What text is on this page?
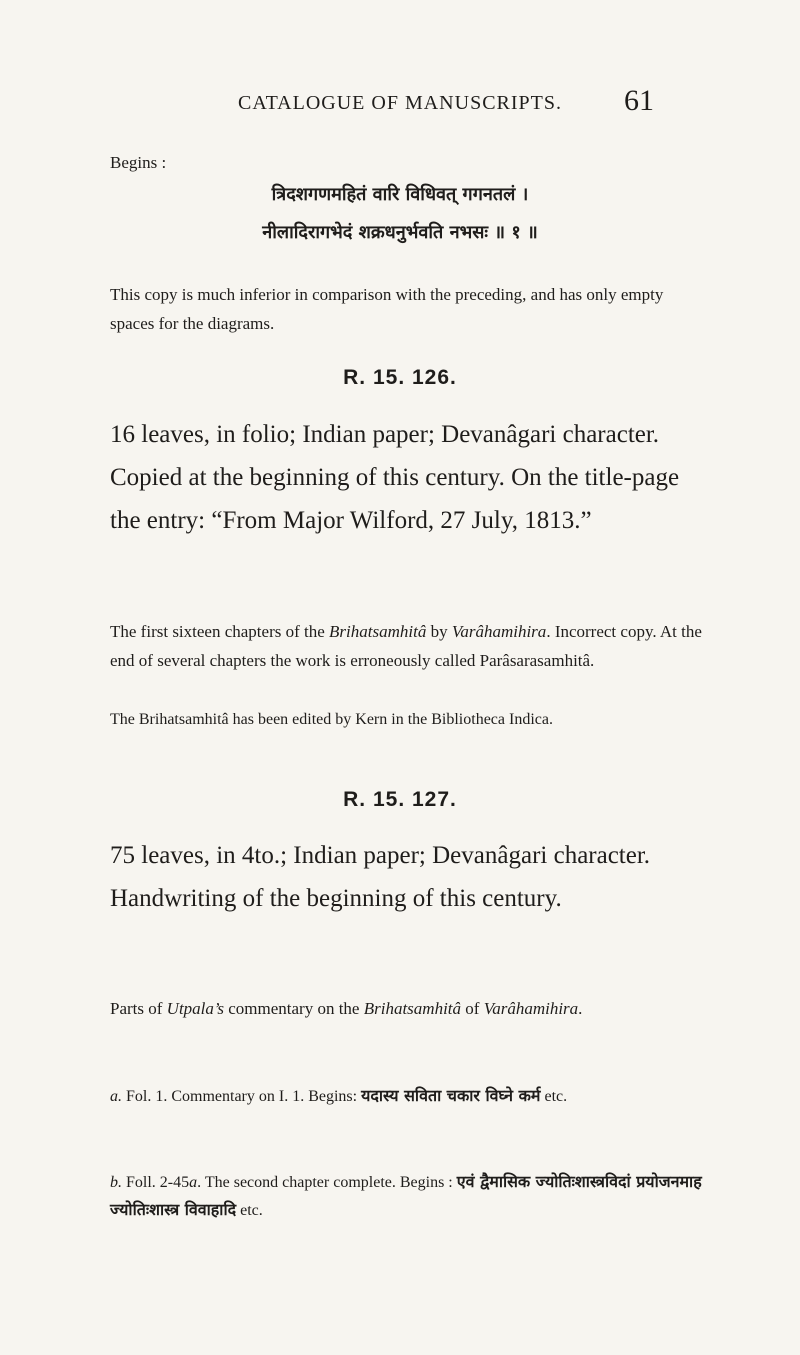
CATALOGUE OF MANUSCRIPTS.	61

Begins :

त्रिदशगणमहितं वारि विधिवत् गगनतलं ।
नीलादिरागभेदं शक्रधनुर्भवति नभसः ॥ १ ॥

This copy is much inferior in comparison with the preceding, and has only empty spaces for the diagrams.

R. 15. 126.

16 leaves, in folio; Indian paper; Devanâgari character. Copied at the beginning of this century. On the title-page the entry: “From Major Wilford, 27 July, 1813.”

The first sixteen chapters of the Brihatsamhitâ by Varâhamihira. Incorrect copy. At the end of several chapters the work is erroneously called Parâsarasamhitâ.

The Brihatsamhitâ has been edited by Kern in the Bibliotheca Indica.

R. 15. 127.

75 leaves, in 4to.; Indian paper; Devanâgari character. Handwriting of the beginning of this century.

Parts of Utpala’s commentary on the Brihatsamhitâ of Varâhamihira.

a. Fol. 1. Commentary on I. 1. Begins: यदास्य सविता चकार विघ्ने कर्म etc.

b. Foll. 2-45a. The second chapter complete. Begins : एवं द्वैमासिक ज्योतिःशास्त्रविदां प्रयोजनमाह ज्योतिःशास्त्र विवाहादि etc.
